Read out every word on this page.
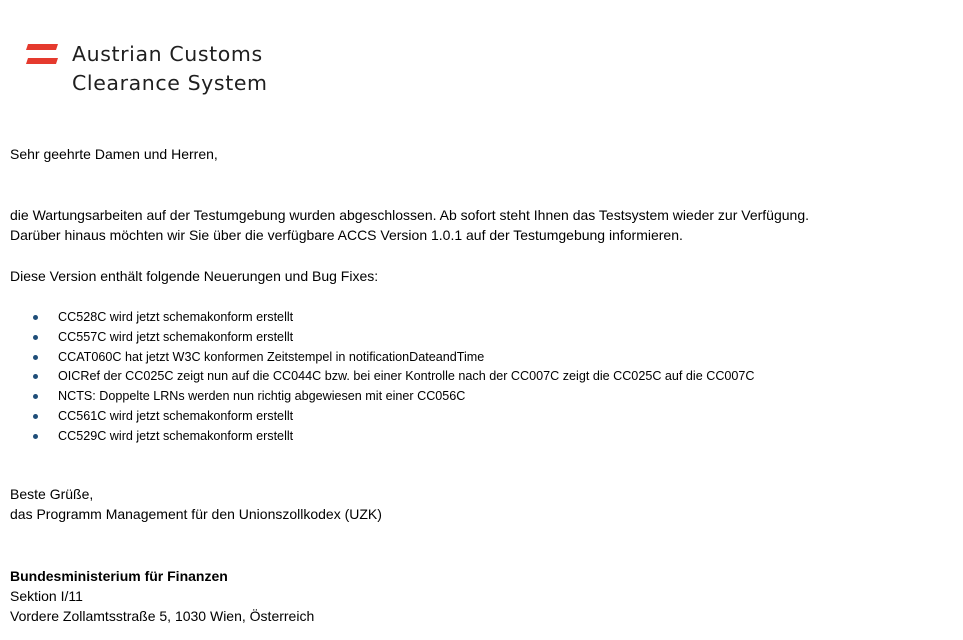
Austrian Customs
Clearance System
Sehr geehrte Damen und Herren,
die Wartungsarbeiten auf der Testumgebung wurden abgeschlossen. Ab sofort steht Ihnen das Testsystem wieder zur Verfügung.
Darüber hinaus möchten wir Sie über die verfügbare ACCS Version 1.0.1 auf der Testumgebung informieren.
Diese Version enthält folgende Neuerungen und Bug Fixes:
CC528C wird jetzt schemakonform erstellt
CC557C wird jetzt schemakonform erstellt
CCAT060C hat jetzt W3C konformen Zeitstempel in notificationDateandTime
OICRef der CC025C zeigt nun auf die CC044C bzw. bei einer Kontrolle nach der CC007C zeigt die CC025C auf die CC007C
NCTS: Doppelte LRNs werden nun richtig abgewiesen mit einer CC056C
CC561C wird jetzt schemakonform erstellt
CC529C wird jetzt schemakonform erstellt
Beste Grüße,
das Programm Management für den Unionszollkodex (UZK)
Bundesministerium für Finanzen
Sektion I/11
Vordere Zollamtsstraße 5, 1030 Wien, Österreich
